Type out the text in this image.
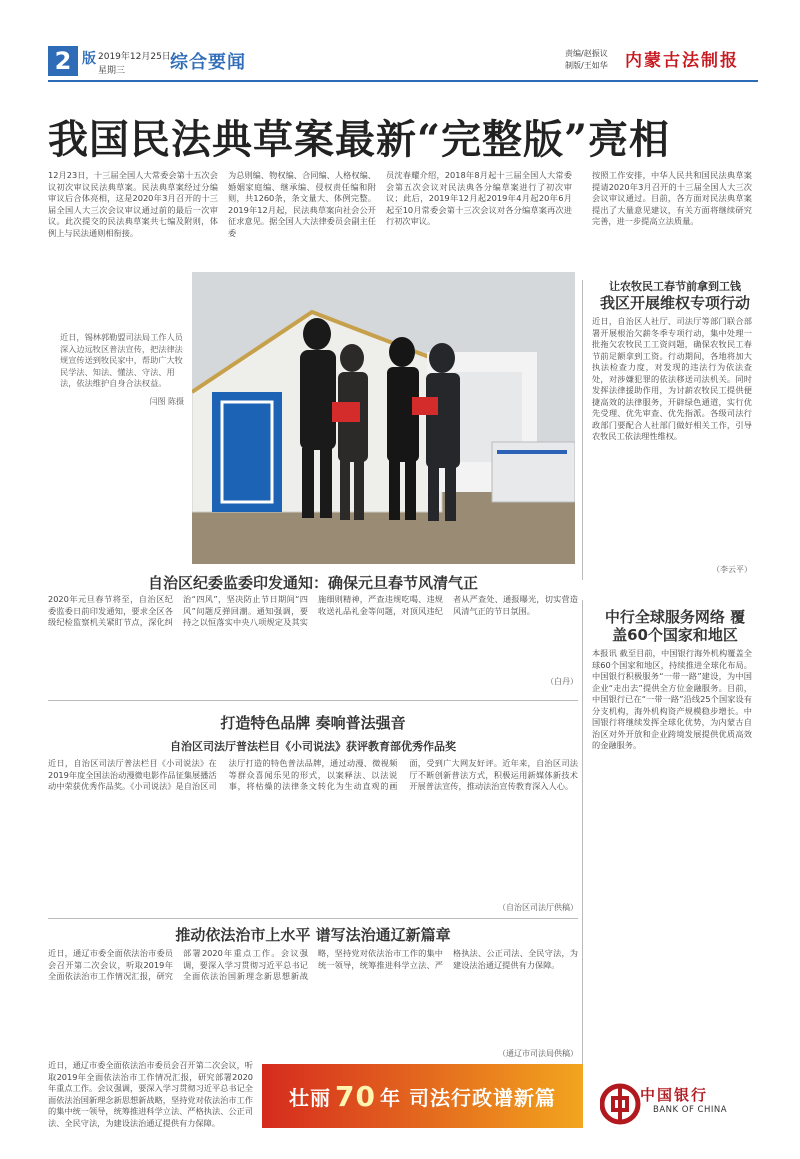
2 版 2019年12月25日
星期三	综合要闻	责编/赵振议
制版/王如华 内蒙古法制报
我国民法典草案最新“完整版”亮相
12月23日，十三届全国人大常委会第十五次会议初次审议民法典草案。民法典草案经过分编审议后合体亮相，这是2020年3月召开的十三届全国人大三次会议审议通过前的最后一次审议。此次提交的民法典草案共七编及附则，体例上与民法通则相衔接。
为总则编、物权编、合同编、人格权编、婚姻家庭编、继承编、侵权责任编和附则，共1260条，条文量大、体例完整。2019年12月起，民法典草案向社会公开征求意见。据全国人大法律委员会副主任委
员沈春耀介绍，2018年8月起十三届全国人大常委会第五次会议对民法典各分编草案进行了初次审议；此后，2019年12月起2019年4月起20年6月起至10月常委会第十三次会议对各分编草案再次进行初次审议。
按照工作安排，中华人民共和国民法典草案提请2020年3月召开的十三届全国人大三次会议审议通过。目前，各方面对民法典草案提出了大量意见建议，有关方面将继续研究完善，进一步提高立法质量。
近日，锡林郭勒盟司法局工作人员深入边远牧区普法宣传，把法律法规宣传送到牧民家中，帮助广大牧民学法、知法、懂法、守法、用法，依法维护自身合法权益。
闫图 陈摄
让农牧民工春节前拿到工钱
我区开展维权专项行动
近日，自治区人社厅、司法厅等部门联合部署开展根治欠薪冬季专项行动，集中处理一批拖欠农牧民工工资问题，确保农牧民工春节前足额拿到工资。行动期间，各地将加大执法检查力度，对发现的违法行为依法查处，对涉嫌犯罪的依法移送司法机关。同时发挥法律援助作用，为讨薪农牧民工提供便捷高效的法律服务，开辟绿色通道，实行优先受理、优先审查、优先指派。各级司法行政部门要配合人社部门做好相关工作，引导农牧民工依法理性维权。
（李云平）
自治区纪委监委印发通知：确保元旦春节风清气正
2020年元旦春节将至，自治区纪委监委日前印发通知，要求全区各级纪检监察机关紧盯节点，深化纠治“四风”，坚决防止节日期间“四风”问题反弹回潮。通知强调，要持之以恒落实中央八项规定及其实施细则精神，严查违规吃喝、违规收送礼品礼金等问题，对顶风违纪者从严查处、通报曝光，切实营造风清气正的节日氛围。
（白丹）
中行全球服务网络 覆
盖60个国家和地区
本报讯 截至目前，中国银行海外机构覆盖全球60个国家和地区，持续推进全球化布局。中国银行积极服务“一带一路”建设，为中国企业“走出去”提供全方位金融服务。目前，中国银行已在“一带一路”沿线25个国家设有分支机构，海外机构资产规模稳步增长。中国银行将继续发挥全球化优势，为内蒙古自治区对外开放和企业跨境发展提供优质高效的金融服务。
打造特色品牌 奏响普法强音
自治区司法厅普法栏目《小司说法》获评教育部优秀作品奖
近日，自治区司法厅普法栏目《小司说法》在2019年度全国法治动漫微电影作品征集展播活动中荣获优秀作品奖。《小司说法》是自治区司法厅打造的特色普法品牌，通过动漫、微视频等群众喜闻乐见的形式，以案释法、以法说事，将枯燥的法律条文转化为生动直观的画面，受到广大网友好评。近年来，自治区司法厅不断创新普法方式，积极运用新媒体新技术开展普法宣传，推动法治宣传教育深入人心。
（自治区司法厅供稿）
推动依法治市上水平 谱写法治通辽新篇章
近日，通辽市委全面依法治市委员会召开第二次会议，听取2019年全面依法治市工作情况汇报，研究部署2020年重点工作。会议强调，要深入学习贯彻习近平总书记全面依法治国新理念新思想新战略，坚持党对依法治市工作的集中统一领导，统筹推进科学立法、严格执法、公正司法、全民守法，为建设法治通辽提供有力保障。
近日，通辽市委全面依法治市委员会召开第二次会议，听取2019年全面依法治市工作情况汇报，研究部署2020年重点工作。会议强调，要深入学习贯彻习近平总书记全面依法治国新理念新思想新战略，坚持党对依法治市工作的集中统一领导，统筹推进科学立法、严格执法、公正司法、全民守法，为建设法治通辽提供有力保障。
（通辽市司法局供稿）
壮丽 70 年 司法行政谱新篇	中国银行
BANK OF CHINA
